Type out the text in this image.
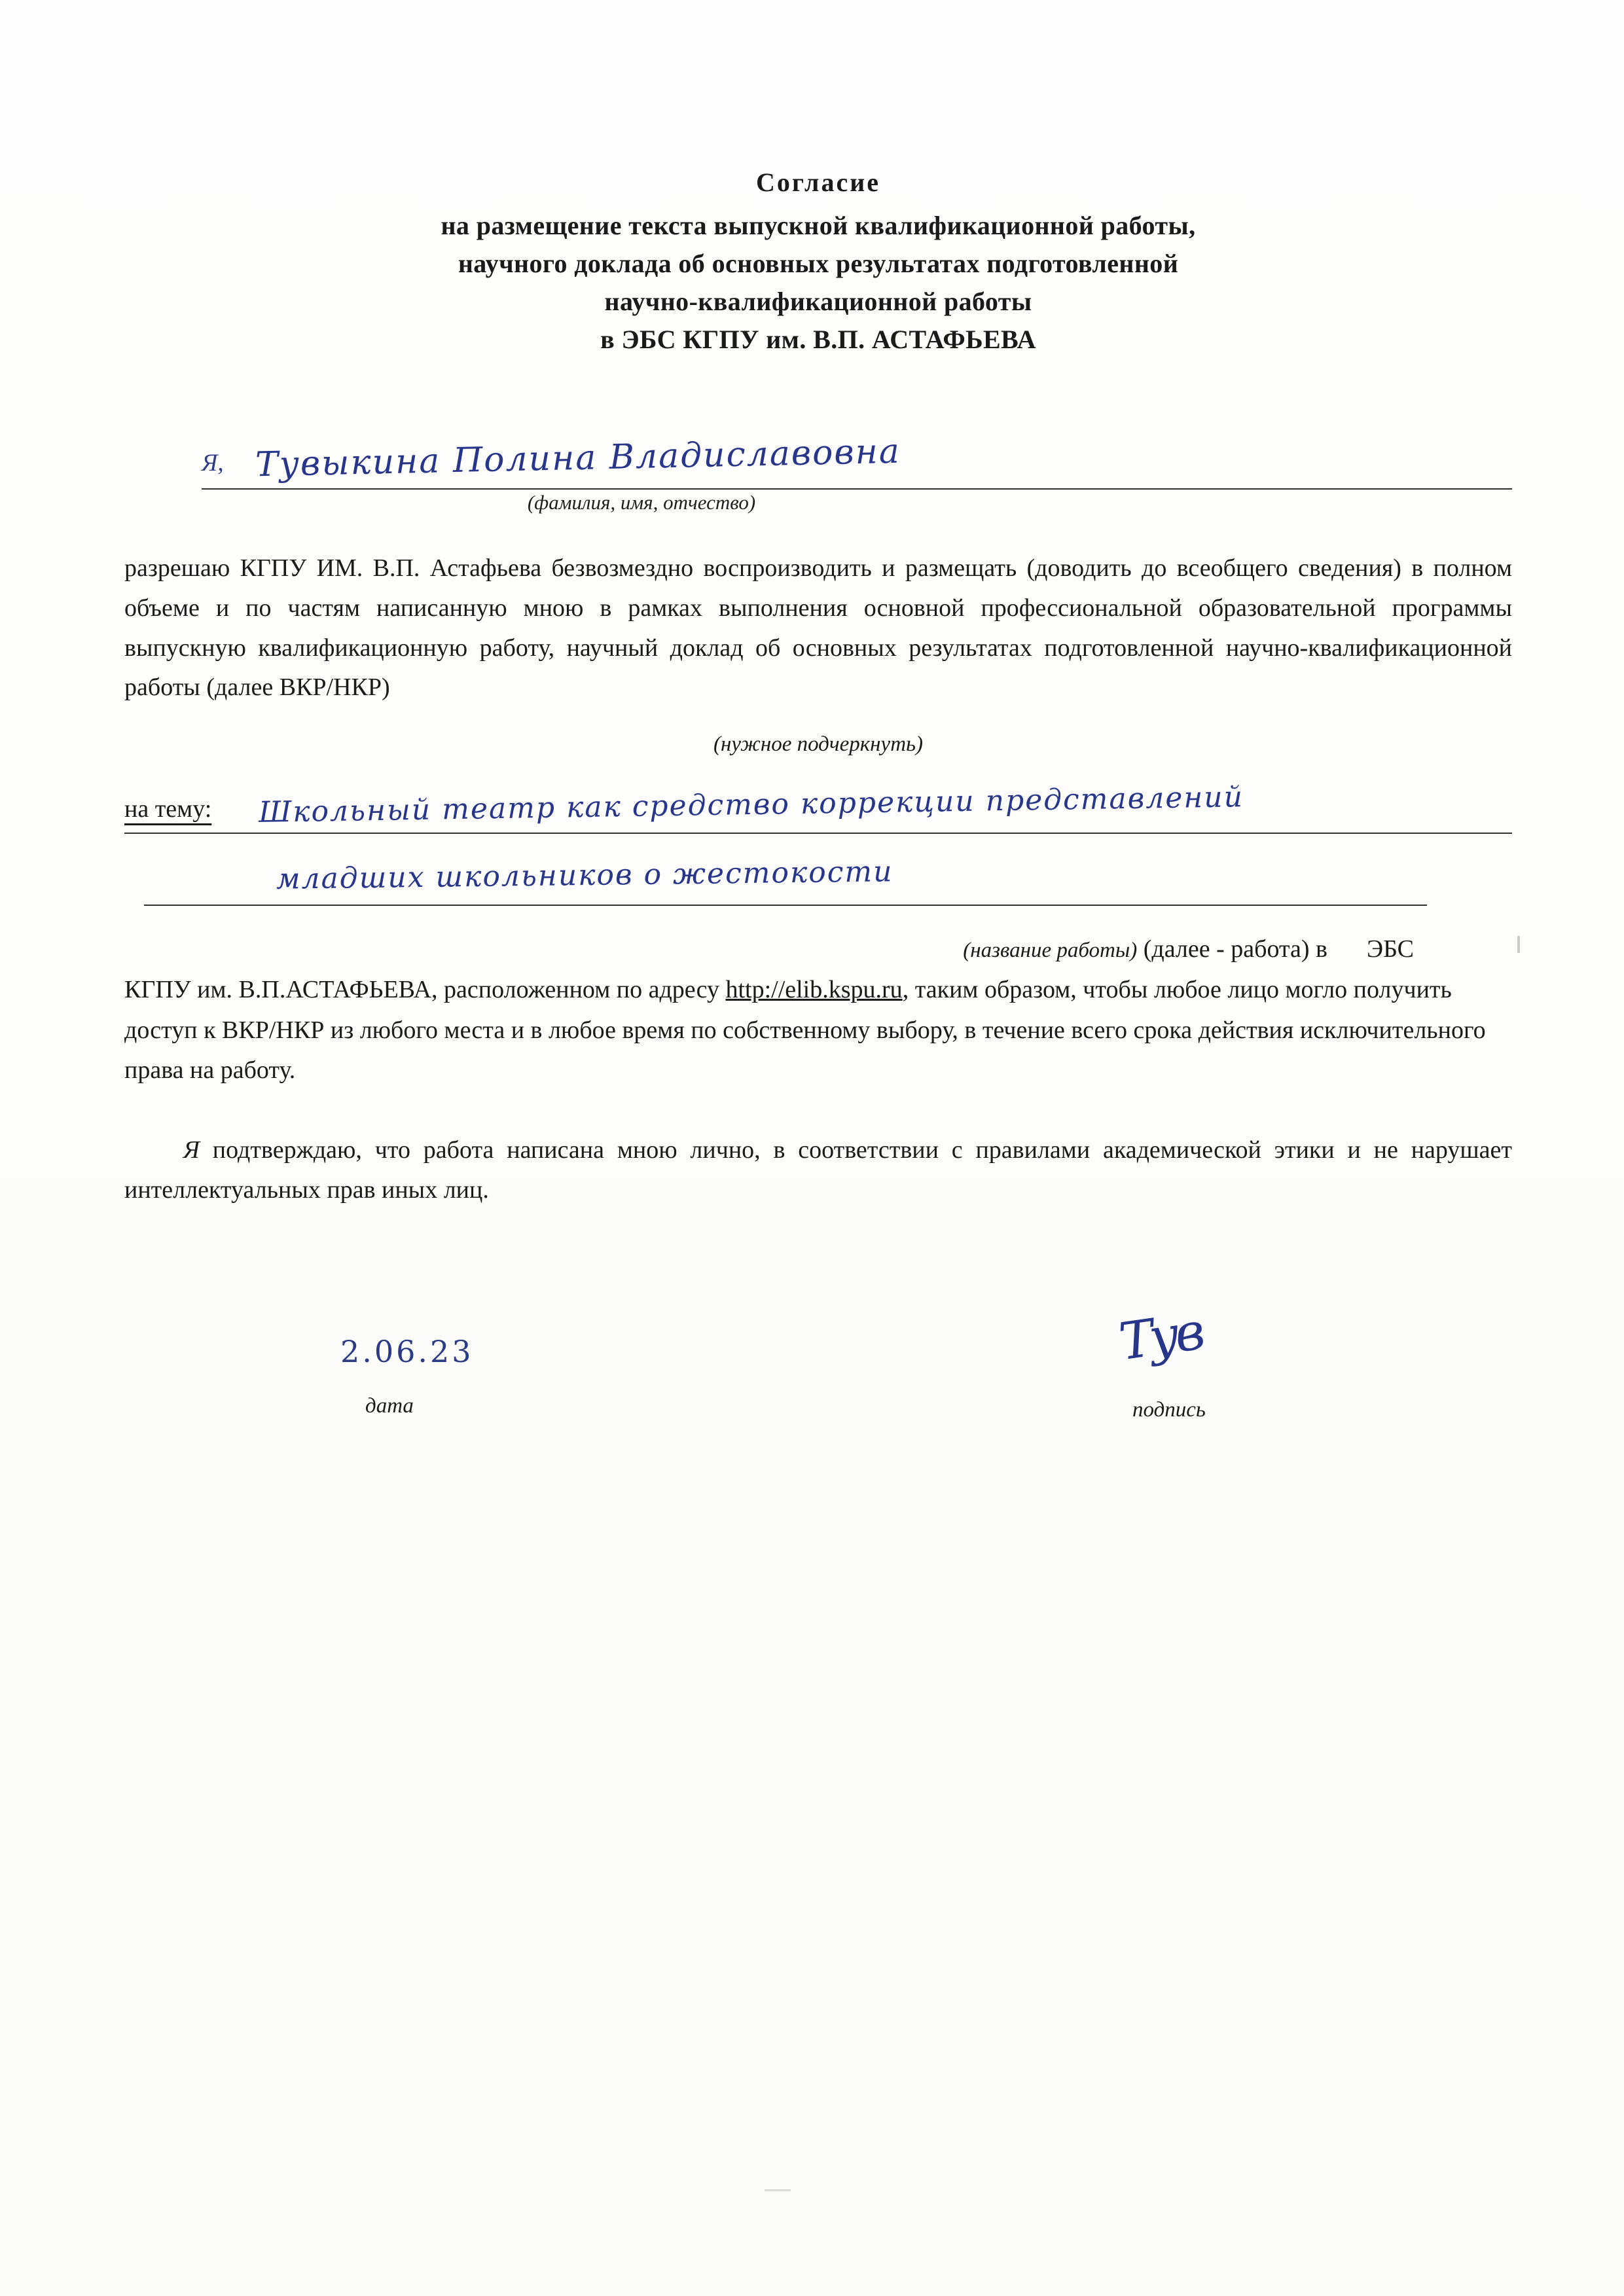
Согласие
на размещение текста выпускной квалификационной работы,
научного доклада об основных результатах подготовленной
научно-квалификационной работы
в ЭБС КГПУ им. В.П. АСТАФЬЕВА
Я, Тувыкина Полина Владиславовна
(фамилия, имя, отчество)

разрешаю КГПУ ИМ. В.П. Астафьева безвозмездно воспроизводить и размещать (доводить до всеобщего сведения) в полном объеме и по частям написанную мною в рамках выполнения основной профессиональной образовательной программы выпускную квалификационную работу, научный доклад об основных результатах подготовленной научно-квалификационной работы (далее ВКР/НКР)

(нужное подчеркнуть)
на тему: Школьный театр как средство коррекции представлений
младших школьников о жестокости
(название работы) (далее - работа) в ЭБС

КГПУ им. В.П.АСТАФЬЕВА, расположенном по адресу http://elib.kspu.ru, таким образом, чтобы любое лицо могло получить доступ к ВКР/НКР из любого места и в любое время по собственному выбору, в течение всего срока действия исключительного права на работу.

Я подтверждаю, что работа написана мною лично, в соответствии с правилами академической этики и не нарушает интеллектуальных прав иных лиц.

2.06.23
дата
Тув
подпись
